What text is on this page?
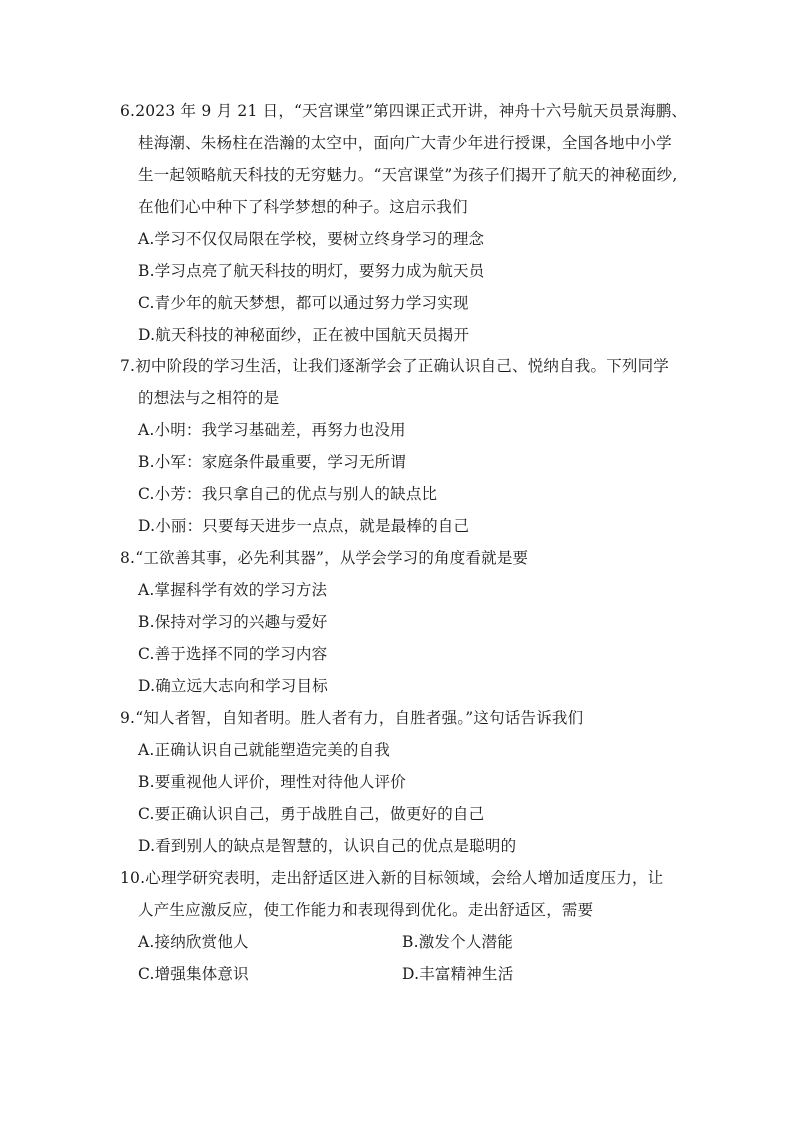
6.2023 年 9 月 21 日，“天宫课堂”第四课正式开讲，神舟十六号航天员景海鹏、
桂海潮、朱杨柱在浩瀚的太空中，面向广大青少年进行授课，全国各地中小学
生一起领略航天科技的无穷魅力。“天宫课堂”为孩子们揭开了航天的神秘面纱,
在他们心中种下了科学梦想的种子。这启示我们
A.学习不仅仅局限在学校，要树立终身学习的理念
B.学习点亮了航天科技的明灯，要努力成为航天员
C.青少年的航天梦想，都可以通过努力学习实现
D.航天科技的神秘面纱，正在被中国航天员揭开
7.初中阶段的学习生活，让我们逐渐学会了正确认识自己、悦纳自我。下列同学
的想法与之相符的是
A.小明：我学习基础差，再努力也没用
B.小军：家庭条件最重要，学习无所谓
C.小芳：我只拿自己的优点与别人的缺点比
D.小丽：只要每天进步一点点，就是最棒的自己
8.“工欲善其事，必先利其器”，从学会学习的角度看就是要
A.掌握科学有效的学习方法
B.保持对学习的兴趣与爱好
C.善于选择不同的学习内容
D.确立远大志向和学习目标
9.“知人者智，自知者明。胜人者有力，自胜者强。”这句话告诉我们
A.正确认识自己就能塑造完美的自我
B.要重视他人评价，理性对待他人评价
C.要正确认识自己，勇于战胜自己，做更好的自己
D.看到别人的缺点是智慧的，认识自己的优点是聪明的
10.心理学研究表明，走出舒适区进入新的目标领域，会给人增加适度压力，让
人产生应激反应，使工作能力和表现得到优化。走出舒适区，需要
A.接纳欣赏他人	B.激发个人潜能
C.增强集体意识	D.丰富精神生活
